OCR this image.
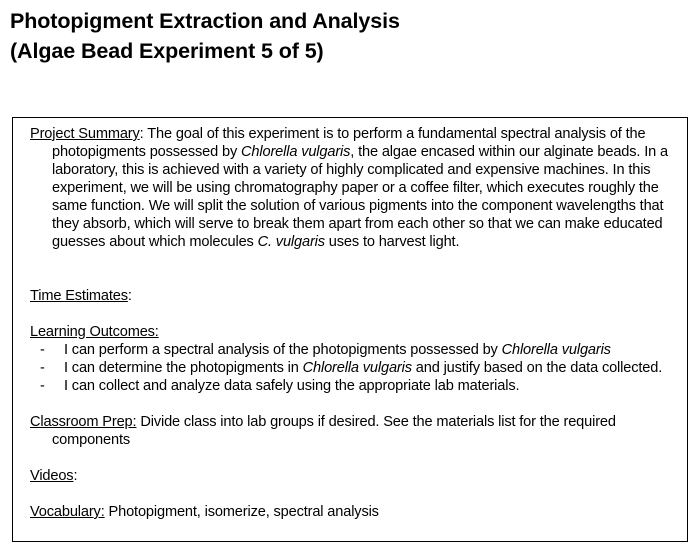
Photopigment Extraction and Analysis
(Algae Bead Experiment 5 of 5)

Project Summary: The goal of this experiment is to perform a fundamental spectral analysis of the photopigments possessed by Chlorella vulgaris, the algae encased within our alginate beads. In a laboratory, this is achieved with a variety of highly complicated and expensive machines. In this experiment, we will be using chromatography paper or a coffee filter, which executes roughly the same function. We will split the solution of various pigments into the component wavelengths that they absorb, which will serve to break them apart from each other so that we can make educated guesses about which molecules C. vulgaris uses to harvest light.

Time Estimates:

Learning Outcomes:

- I can perform a spectral analysis of the photopigments possessed by Chlorella vulgaris
- I can determine the photopigments in Chlorella vulgaris and justify based on the data collected.
- I can collect and analyze data safely using the appropriate lab materials.

Classroom Prep: Divide class into lab groups if desired. See the materials list for the required components

Videos:

Vocabulary: Photopigment, isomerize, spectral analysis
